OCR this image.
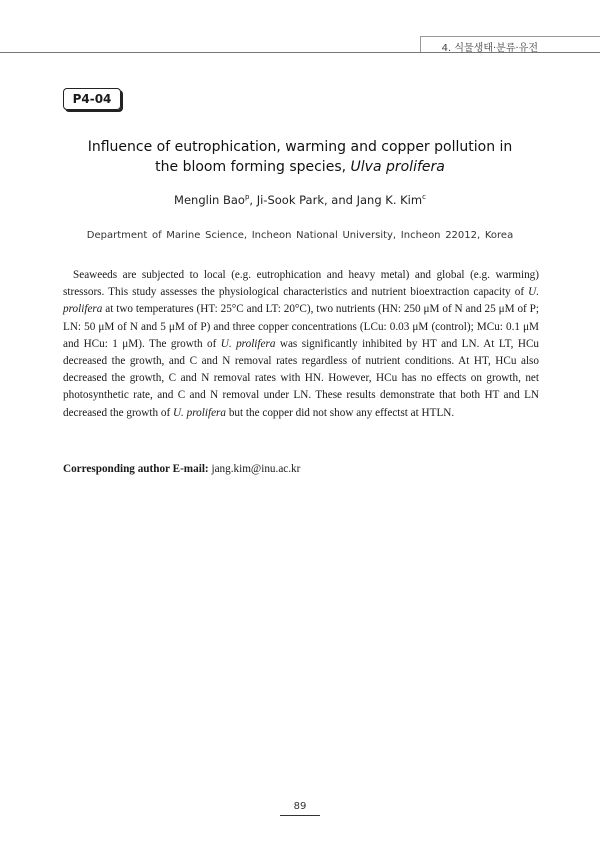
4. 식물생태·분류·유전
P4-04
Influence of eutrophication, warming and copper pollution in
the bloom forming species, Ulva prolifera
Menglin Bao$^p$, Ji-Sook Park, and Jang K. Kim$^c$
Department of Marine Science, Incheon National University, Incheon 22012, Korea

Seaweeds are subjected to local (e.g. eutrophication and heavy metal) and global (e.g. warming) stressors. This study assesses the physiological characteristics and nutrient bioextraction capacity of U. prolifera at two temperatures (HT: 25°C and LT: 20°C), two nutrients (HN: 250 μM of N and 25 μM of P; LN: 50 μM of N and 5 μM of P) and three copper concentrations (LCu: 0.03 μM (control); MCu: 0.1 μM and HCu: 1 μM). The growth of U. prolifera was significantly inhibited by HT and LN. At LT, HCu decreased the growth, and C and N removal rates regardless of nutrient conditions. At HT, HCu also decreased the growth, C and N removal rates with HN. However, HCu has no effects on growth, net photosynthetic rate, and C and N removal under LN. These results demonstrate that both HT and LN decreased the growth of U. prolifera but the copper did not show any effectst at HTLN.

Corresponding author E-mail: jang.kim@inu.ac.kr
89
